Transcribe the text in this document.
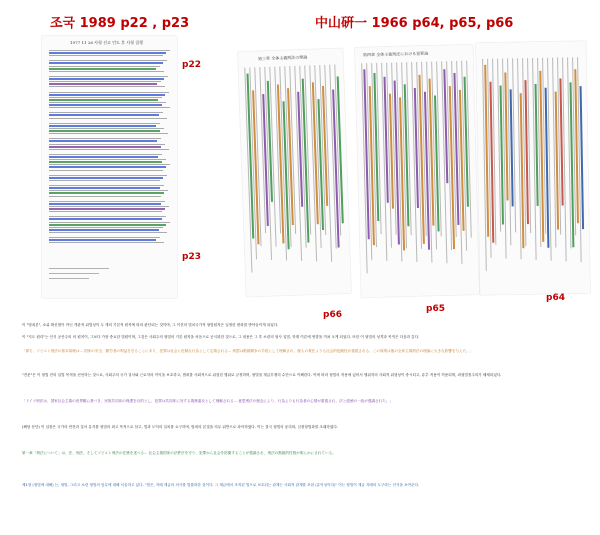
조국 1989 p22 , p23	中山硏一 1966 p64, p65, p66
1977 11 26 사형 선고 언도 후 사형 집행
p22
p23
第三章 全体主義刑法の理論
p66
第四章 全体主義刑法における犯罪論
p65
p64
이 "범죄론", 소위 확신범이 아닌 객관적 위법성이 두 개의 기본적 원칙에 따라 판단되는 것이며, 그 이전의 법치국가적 형법원칙은 일정한 변화를 받아들이게 되었다.
이 "지도 원리"는 인식 공산주의 의 원칙이, 그보다 가장 중요한 법원이며, 그것은 사회주의 형법의 기본 원칙을 처음으로 공식화한 것으로, 그 내용은 그 후 소련의 형사 입법, 학계 이론에 영향을 끼쳐 오게 되었다. 또한 이 형법의 성격과 목적은 다음과 같다.
「即ち、ソビエト刑法の基本原理は... 国家の安全、勤労者の利益を守ることにあり、犯罪は社会に危険な行為として定義される... 刑罰は階級闘争の手段として理解され、個人の責任よりも社会的危険性が重視される。この原則は後の全体主義刑法の理論に大きな影響を与えた。」
"전문"은 이 형법 전의 입법 목적을 선언하는 것으로, 사회주의 국가 질서와 근로자의 이익을 보호하고, 범죄를 사회적으로 위험한 행위로 규정하며, 형벌을 계급투쟁의 수단으로 이해한다. 이에 따라 형법의 적용에 있어서 행위자의 사회적 위험성이 중시되고, 유추 적용이 허용되며, 죄형법정주의가 배제되었다.
「ドイツ刑法は、国家社会主義の世界観に基づき、民族共同体の保護を目的とし、犯罪は共同体に対する義務違反として理解される... 意思刑法の理念により、行為よりも行為者の心情が重視され、法と道徳の一致が強調された。」
(해당 문단) 이 입장은 국가의 안전과 질서 유지를 형법의 최고 목적으로 삼고, 법과 도덕의 일치를 요구하며, 범죄의 본질을 의무 위반으로 파악하였다. 이는 결국 형법의 윤리화, 심정형법화를 초래하였다.
第一章「刑法について」は、法、刑法、そしてソビエト刑法の任務を述べる... 社会主義国家の法秩序を守り、犯罪から社会を防衛することが強調され、刑法の階級的性格が明らかにされている。
제1장 (형법에 대해) 는, 형법, 그리고 소련 형법의 임무에 대해 서술하고 있다. "법은, 지배 계급의 의사를 법률화한 것이다. 그 계급에서 조직된 법으로 보호되는 관계는 사회적 관계를 포함 (유익성이다)" 이는 형법이 계급 지배의 도구라는 인식을 보여준다.
